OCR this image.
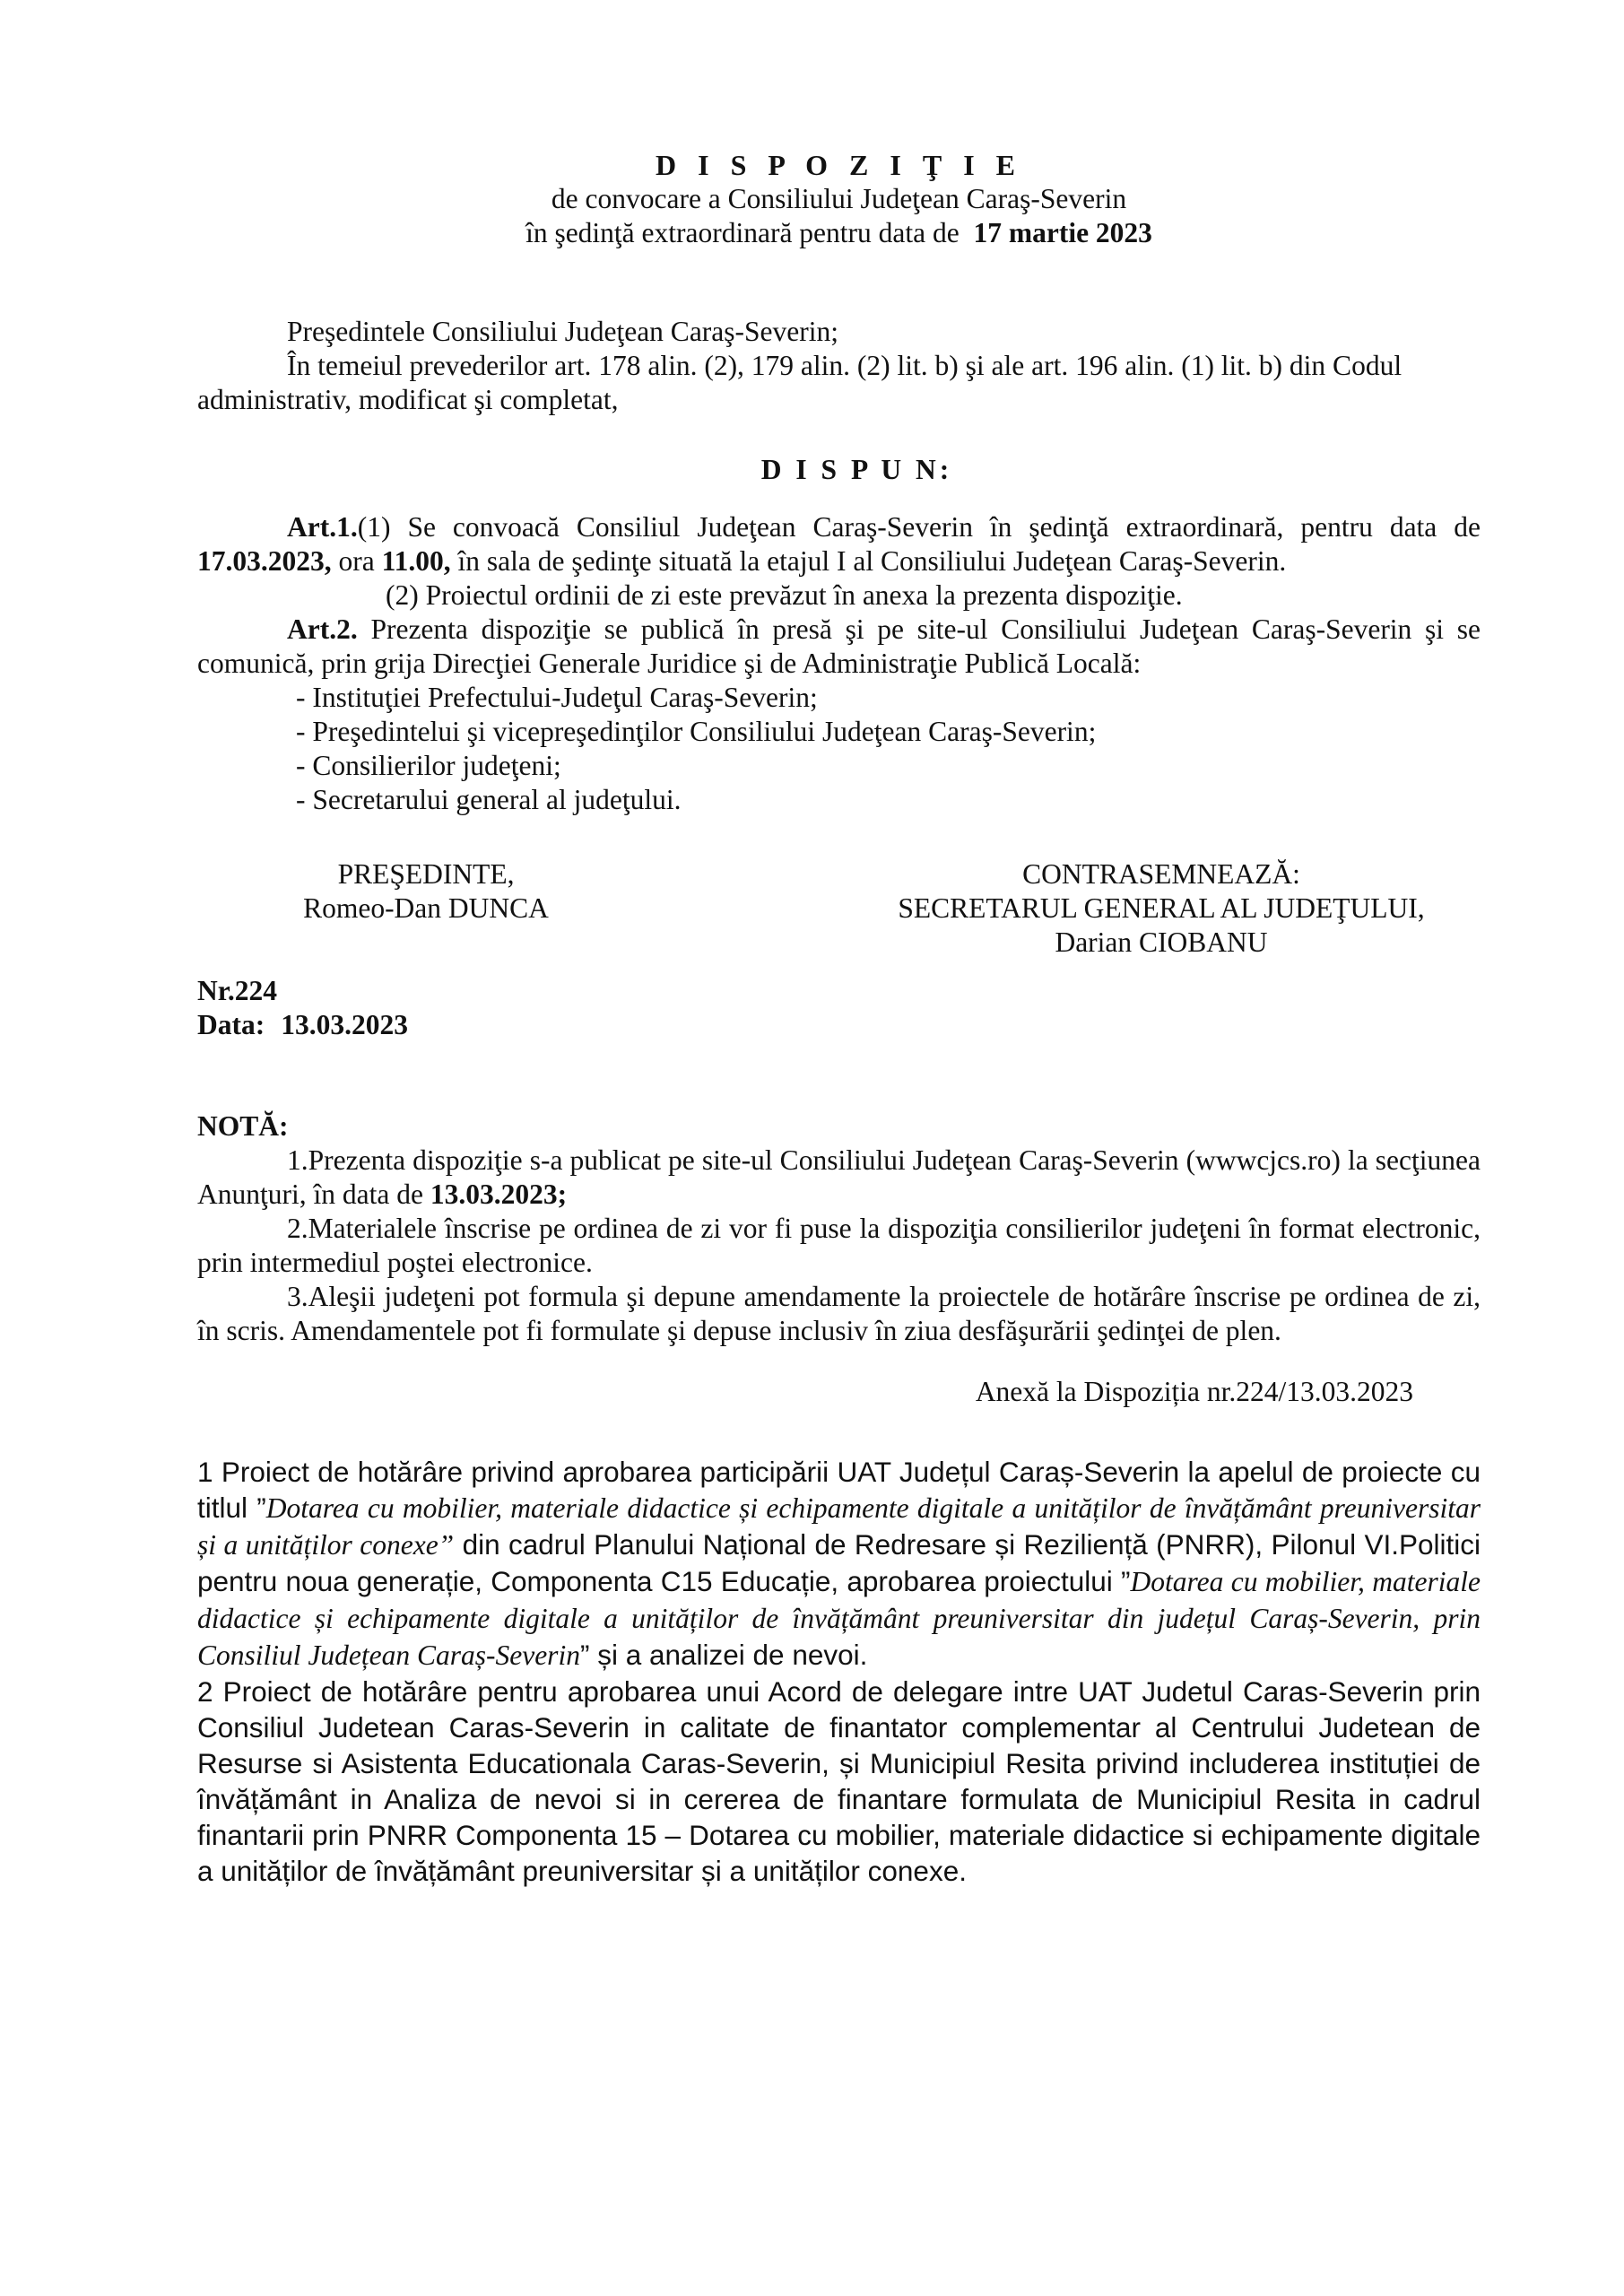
D I S P O Z I Ţ I E

de convocare a Consiliului Judeţean Caraş-Severin

în şedinţă extraordinară pentru data de 17 martie 2023

Preşedintele Consiliului Judeţean Caraş-Severin;

În temeiul prevederilor art. 178 alin. (2), 179 alin. (2) lit. b) şi ale art. 196 alin. (1) lit. b) din Codul administrativ, modificat şi completat,

D I S P U N:

Art.1.(1) Se convoacă Consiliul Judeţean Caraş-Severin în şedinţă extraordinară, pentru data de 17.03.2023, ora 11.00, în sala de şedinţe situată la etajul I al Consiliului Judeţean Caraş-Severin.

(2) Proiectul ordinii de zi este prevăzut în anexa la prezenta dispoziţie.

Art.2. Prezenta dispoziţie se publică în presă şi pe site-ul Consiliului Judeţean Caraş-Severin şi se comunică, prin grija Direcţiei Generale Juridice şi de Administraţie Publică Locală:

- Instituţiei Prefectului-Judeţul Caraş-Severin;

- Preşedintelui şi vicepreşedinţilor Consiliului Judeţean Caraş-Severin;

- Consilierilor judeţeni;

- Secretarului general al judeţului.

PREŞEDINTE,

Romeo-Dan DUNCA

CONTRASEMNEAZĂ:

SECRETARUL GENERAL AL JUDEŢULUI,

Darian CIOBANU

Nr.224

Data: 13.03.2023

NOTĂ:

1.Prezenta dispoziţie s-a publicat pe site-ul Consiliului Judeţean Caraş-Severin (wwwcjcs.ro) la secţiunea Anunţuri, în data de 13.03.2023;

2.Materialele înscrise pe ordinea de zi vor fi puse la dispoziţia consilierilor judeţeni în format electronic, prin intermediul poştei electronice.

3.Aleşii judeţeni pot formula şi depune amendamente la proiectele de hotărâre înscrise pe ordinea de zi, în scris. Amendamentele pot fi formulate şi depuse inclusiv în ziua desfăşurării şedinţei de plen.

Anexă la Dispoziția nr.224/13.03.2023

1 Proiect de hotărâre privind aprobarea participării UAT Județul Caraș-Severin la apelul de proiecte cu titlul ”Dotarea cu mobilier, materiale didactice și echipamente digitale a unităților de învățământ preuniversitar și a unităților conexe” din cadrul Planului Național de Redresare și Reziliență (PNRR), Pilonul VI.Politici pentru noua generație, Componenta C15 Educație, aprobarea proiectului ”Dotarea cu mobilier, materiale didactice și echipamente digitale a unităților de învățământ preuniversitar din județul Caraș-Severin, prin Consiliul Județean Caraș-Severin” și a analizei de nevoi.

2 Proiect de hotărâre pentru aprobarea unui Acord de delegare intre UAT Judetul Caras-Severin prin Consiliul Judetean Caras-Severin in calitate de finantator complementar al Centrului Judetean de Resurse si Asistenta Educationala Caras-Severin, și Municipiul Resita privind includerea instituției de învățământ in Analiza de nevoi si in cererea de finantare formulata de Municipiul Resita in cadrul finantarii prin PNRR Componenta 15 – Dotarea cu mobilier, materiale didactice si echipamente digitale a unităților de învățământ preuniversitar și a unităților conexe.
